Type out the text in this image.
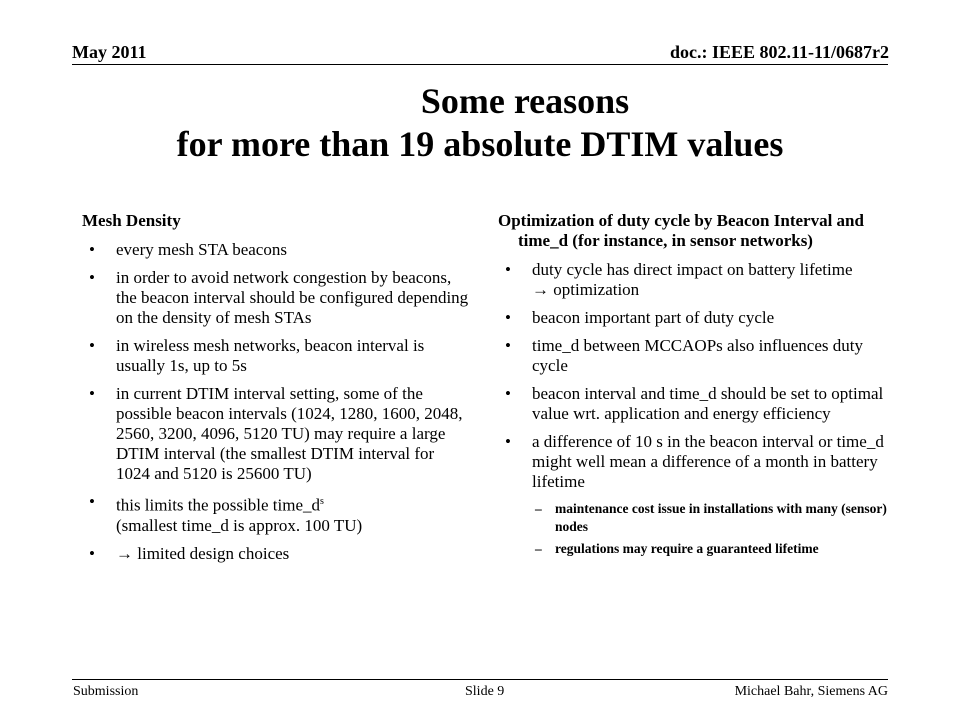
May 2011	doc.: IEEE 802.11-11/0687r2
Some reasons
for more than 19 absolute DTIM values
Mesh Density
• every mesh STA beacons
• in order to avoid network congestion by beacons, the beacon interval should be configured depending on the density of mesh STAs
• in wireless mesh networks, beacon interval is usually 1s, up to 5s
• in current DTIM interval setting, some of the possible beacon intervals (1024, 1280, 1600, 2048, 2560, 3200, 4096, 5120 TU) may require a large DTIM interval (the smallest DTIM interval for 1024 and 5120 is 25600 TU)
• this limits the possible $time\_d^s$
(smallest time_d is approx. 100 TU)
• → limited design choices
Optimization of duty cycle by Beacon Interval and time_d (for instance, in sensor networks)
• duty cycle has direct impact on battery lifetime
→ optimization
• beacon important part of duty cycle
• time_d between MCCAOPs also influences duty cycle
• beacon interval and time_d should be set to optimal value wrt. application and energy efficiency
• a difference of 10 s in the beacon interval or time_d might well mean a difference of a month in battery lifetime
– maintenance cost issue in installations with many (sensor) nodes
– regulations may require a guaranteed lifetime
Submission	Slide 9	Michael Bahr, Siemens AG
